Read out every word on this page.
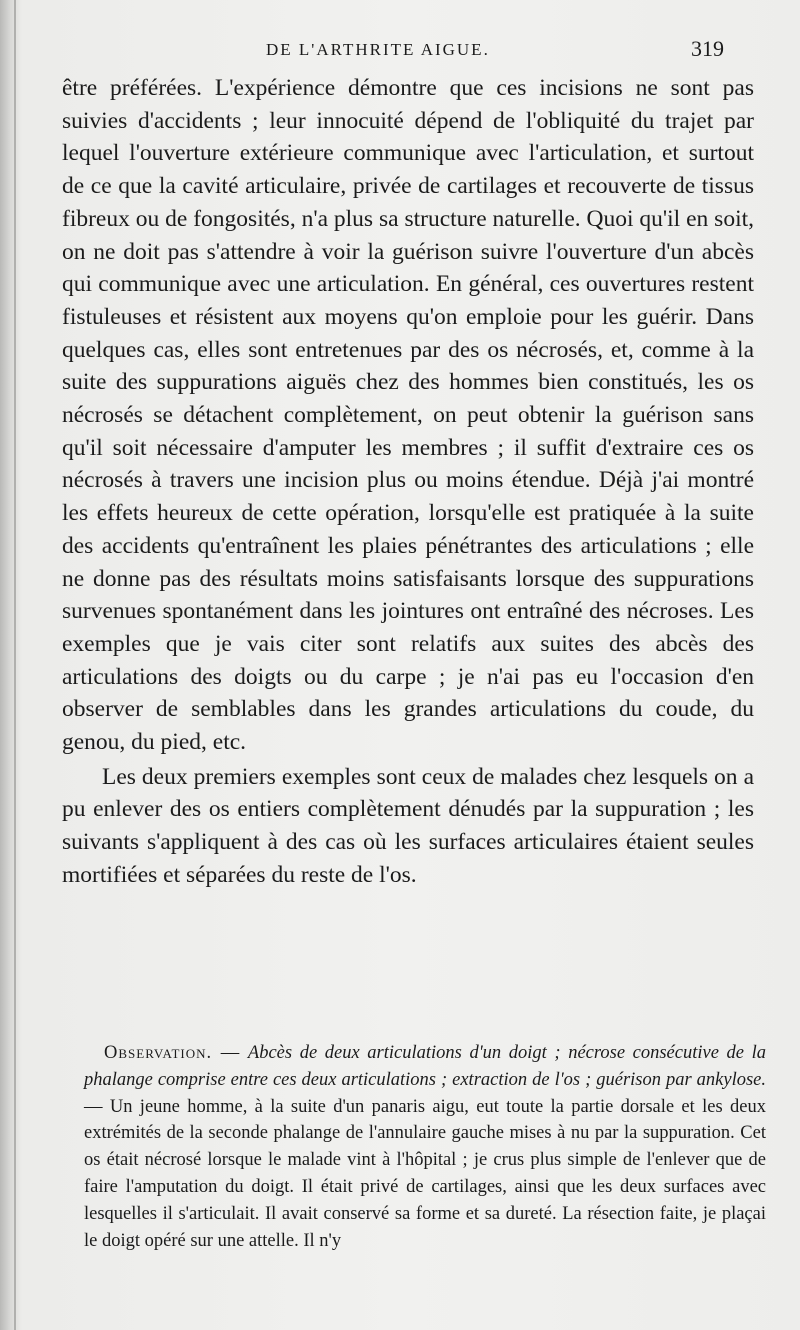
DE L'ARTHRITE AIGUE.	319

être préférées. L'expérience démontre que ces incisions ne sont pas suivies d'accidents ; leur innocuité dépend de l'obliquité du trajet par lequel l'ouverture extérieure communique avec l'articulation, et surtout de ce que la cavité articulaire, privée de cartilages et recouverte de tissus fibreux ou de fongosités, n'a plus sa structure naturelle. Quoi qu'il en soit, on ne doit pas s'attendre à voir la guérison suivre l'ouverture d'un abcès qui communique avec une articulation. En général, ces ouvertures restent fistuleuses et résistent aux moyens qu'on emploie pour les guérir. Dans quelques cas, elles sont entretenues par des os nécrosés, et, comme à la suite des suppurations aiguës chez des hommes bien constitués, les os nécrosés se détachent complètement, on peut obtenir la guérison sans qu'il soit nécessaire d'amputer les membres ; il suffit d'extraire ces os nécrosés à travers une incision plus ou moins étendue. Déjà j'ai montré les effets heureux de cette opération, lorsqu'elle est pratiquée à la suite des accidents qu'entraînent les plaies pénétrantes des articulations ; elle ne donne pas des résultats moins satisfaisants lorsque des suppurations survenues spontanément dans les jointures ont entraîné des nécroses. Les exemples que je vais citer sont relatifs aux suites des abcès des articulations des doigts ou du carpe ; je n'ai pas eu l'occasion d'en observer de semblables dans les grandes articulations du coude, du genou, du pied, etc.

Les deux premiers exemples sont ceux de malades chez lesquels on a pu enlever des os entiers complètement dénudés par la suppuration ; les suivants s'appliquent à des cas où les surfaces articulaires étaient seules mortifiées et séparées du reste de l'os.

Observation. — Abcès de deux articulations d'un doigt ; nécrose consécutive de la phalange comprise entre ces deux articulations ; extraction de l'os ; guérison par ankylose. — Un jeune homme, à la suite d'un panaris aigu, eut toute la partie dorsale et les deux extrémités de la seconde phalange de l'annulaire gauche mises à nu par la suppuration. Cet os était nécrosé lorsque le malade vint à l'hôpital ; je crus plus simple de l'enlever que de faire l'amputation du doigt. Il était privé de cartilages, ainsi que les deux surfaces avec lesquelles il s'articulait. Il avait conservé sa forme et sa dureté. La résection faite, je plaçai le doigt opéré sur une attelle. Il n'y
